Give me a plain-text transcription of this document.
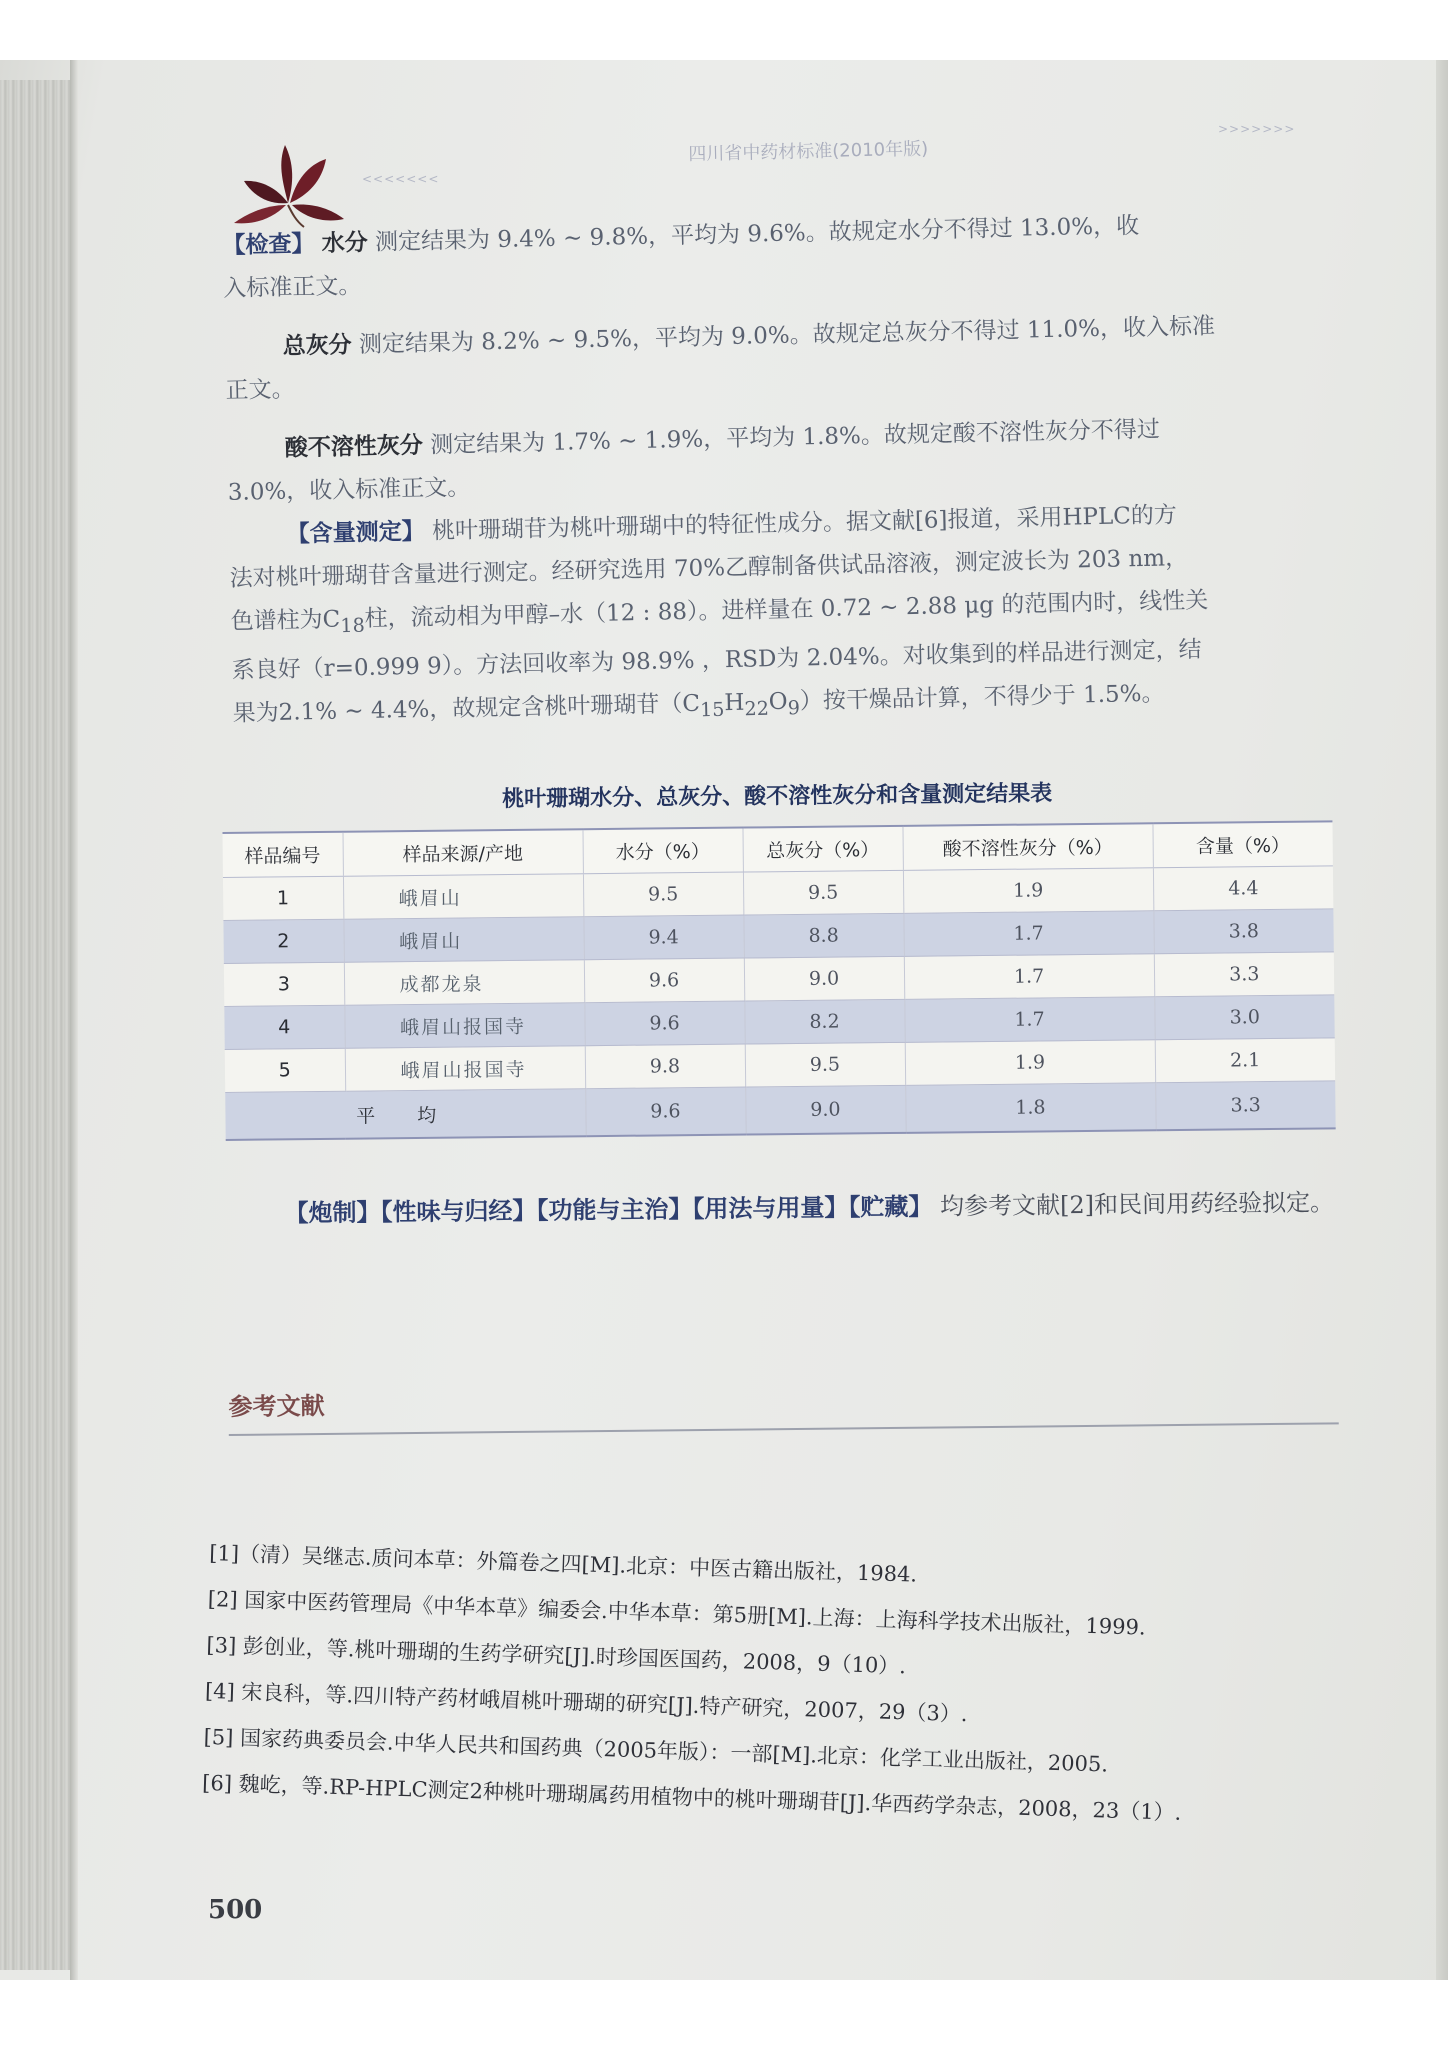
<<<<<<<
四川省中药材标准(2010年版)
>>>>>>>

【检查】 水分 测定结果为 9.4% ~ 9.8%，平均为 9.6%。故规定水分不得过 13.0%，收

入标准正文。

总灰分 测定结果为 8.2% ~ 9.5%，平均为 9.0%。故规定总灰分不得过 11.0%，收入标准

正文。

酸不溶性灰分 测定结果为 1.7% ~ 1.9%，平均为 1.8%。故规定酸不溶性灰分不得过

3.0%，收入标准正文。

【含量测定】 桃叶珊瑚苷为桃叶珊瑚中的特征性成分。据文献[6]报道，采用HPLC的方

法对桃叶珊瑚苷含量进行测定。经研究选用 70%乙醇制备供试品溶液，测定波长为 203 nm，

色谱柱为$C_{18}$柱，流动相为甲醇–水（12 : 88）。进样量在 0.72 ~ 2.88 μg 的范围内时，线性关

系良好（r=0.999 9）。方法回收率为 98.9% ，RSD为 2.04%。对收集到的样品进行测定，结

果为2.1% ~ 4.4%，故规定含桃叶珊瑚苷$(C_{15}H_{22}O_9)$按干燥品计算，不得少于 1.5%。

桃叶珊瑚水分、总灰分、酸不溶性灰分和含量测定结果表
样品编号	样品来源/产地	水分（%）	总灰分（%）	酸不溶性灰分（%）	含量（%）
1	峨眉山	9.5	9.5	1.9	4.4
2	峨眉山	9.4	8.8	1.7	3.8
3	成都龙泉	9.6	9.0	1.7	3.3
4	峨眉山报国寺	9.6	8.2	1.7	3.0
5	峨眉山报国寺	9.8	9.5	1.9	2.1
平 均		9.6	9.0	1.8	3.3
【炮制】【性味与归经】【功能与主治】【用法与用量】【贮藏】 均参考文献[2]和民间用药经验拟定。
参考文献

[1]（清）吴继志.质问本草：外篇卷之四[M].北京：中医古籍出版社，1984.

[2] 国家中医药管理局《中华本草》编委会.中华本草：第5册[M].上海：上海科学技术出版社，1999.

[3] 彭创业，等.桃叶珊瑚的生药学研究[J].时珍国医国药，2008，9（10）.

[4] 宋良科，等.四川特产药材峨眉桃叶珊瑚的研究[J].特产研究，2007，29（3）.

[5] 国家药典委员会.中华人民共和国药典（2005年版）：一部[M].北京：化学工业出版社，2005.

[6] 魏屹，等.RP-HPLC测定2种桃叶珊瑚属药用植物中的桃叶珊瑚苷[J].华西药学杂志，2008，23（1）.

500
